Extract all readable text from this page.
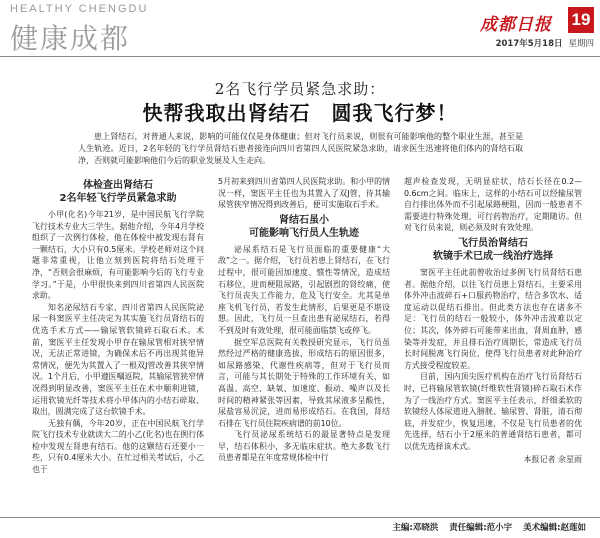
HEALTHY CHENGDU
健康成都	成都日报 19
2017年5月18日 星期四
2名飞行学员紧急求助：
快帮我取出肾结石　圆我飞行梦！
患上肾结石，对普通人来说，影响的可能仅仅是身体健康；但对飞行员来说，则很有可能影响他的整个职业生涯，甚至是人生轨迹。近日，2名年轻的飞行学员肾结石患者接连向四川省第四人民医院紧急求助，请求医生迅速将他们体内的肾结石取净，否则就可能影响他们今后的职业发展及人生走向。
体检查出肾结石
2名年轻飞行学员紧急求助

小甲(化名)今年21岁，是中国民航飞行学院飞行技术专业大三学生。据他介绍，今年4月学校组织了一次例行体检，他在体检中被发现右肾有一颗结石，大小只有0.5厘米。学校老师对这个问题非常重视，让他立刻到医院将结石处理干净，“否则会很麻烦，有可能影响今后的飞行专业学习。”于是，小甲很快来到四川省第四人民医院求助。

知名泌尿结石专家、四川省第四人民医院泌尿一科窦医平主任决定为其实施飞行员肾结石的优选手术方式——输尿管软镜碎石取石术。术前，窦医平主任发现小甲存在输尿管相对狭窄情况，无法正常进镜，为确保术后不再出现其他异常情况，便先为其置入了一根双J管改善其狭窄情况。1个月后，小甲遵医嘱返院，其输尿管狭窄情况得到明显改善，窦医平主任在术中顺利进镜，运用软镜光纤等技术将小甲体内的小结石碎取、取出，圆满完成了这台软镜手术。

无独有偶，今年20岁，正在中国民航飞行学院飞行技术专业就读大二的小乙(化名)也在例行体检中发现左肾患有结石。他的这颗结石还要小一些，只有0.4厘米大小。在忙过相关考试后，小乙也于

5月初来到四川省第四人民医院求助。和小甲的情况一样，窦医平主任也为其置入了双J管，待其输尿管狭窄情况得到改善后，便可实施取石手术。

肾结石虽小
可能影响飞行员人生轨迹

泌尿系结石是飞行员面临的重要健康“大敌”之一。据介绍，飞行员若患上肾结石，在飞行过程中，很可能因加速度、惯性等情况，造成结石移位，进而梗阻尿路，引起剧烈的肾绞痛，使飞行员丧失工作能力，危及飞行安全。尤其是单座飞机飞行员，若发生此情形，后果更是不堪设想。因此，飞行员一旦查出患有泌尿结石，若得不到及时有效处理，很可能面临禁飞或停飞。

据空军总医院有关教授研究显示，飞行员虽然经过严格的健康选拔，形成结石的原因很多，如尿路感染、代谢性疾病等，但对于飞行员而言，可能与其长期处于特殊的工作环境有关，如高温、高空、缺氧、加速度、振动、噪声以及长时间的精神紧张等因素，导致其尿液多呈酸性，尿盐容易沉淀，进而易形成结石。在我国，肾结石排在飞行员住院疾病谱的前10位。

飞行员泌尿系统结石的最显著特点是发现早，结石体积小，多无临床症状。绝大多数飞行员患者都是在年度常规体检中行

超声检查发现，无明显症状，结石长径在0.2—0.6cm之间。临床上，这样的小结石可以经输尿管自行排出体外而不引起尿路梗阻，因而一般患者不需要进行特殊处理，可行药物治疗，定期随访。但对飞行员来说，则必须及时有效处理。

飞行员治肾结石
软镜手术已成一线治疗选择

窦医平主任此前曾收治过多例飞行员肾结石患者。据他介绍，以往飞行员患上肾结石，主要采用体外冲击波碎石+口服药物治疗，结合多饮水、适度运动以促结石排出。但此类方法也存在诸多不足：飞行员的结石一般较小，体外冲击波难以定位；其次，体外碎石可能带来出血，肾周血肿，感染等并发症，并且排石治疗周期长，常造成飞行员长时间脱离飞行岗位，使得飞行员患者对此种治疗方式接受程度较差。

目前，国内顶尖医疗机构在治疗飞行员肾结石时，已将输尿管软镜(纤维软性肾镜)碎石取石术作为了一线治疗方式。窦医平主任表示，纤细柔软的软镜经人体尿道进入膀胱、输尿管、肾脏，清石彻底，并发症少，恢复迅速，不仅是飞行员患者的优先选择，结石小于2厘米的普通肾结石患者，都可以优先选择该术式。

本报记者 余星雨
主编:邓晓洪 责任编辑:范小宇 美术编辑:赵莲如
